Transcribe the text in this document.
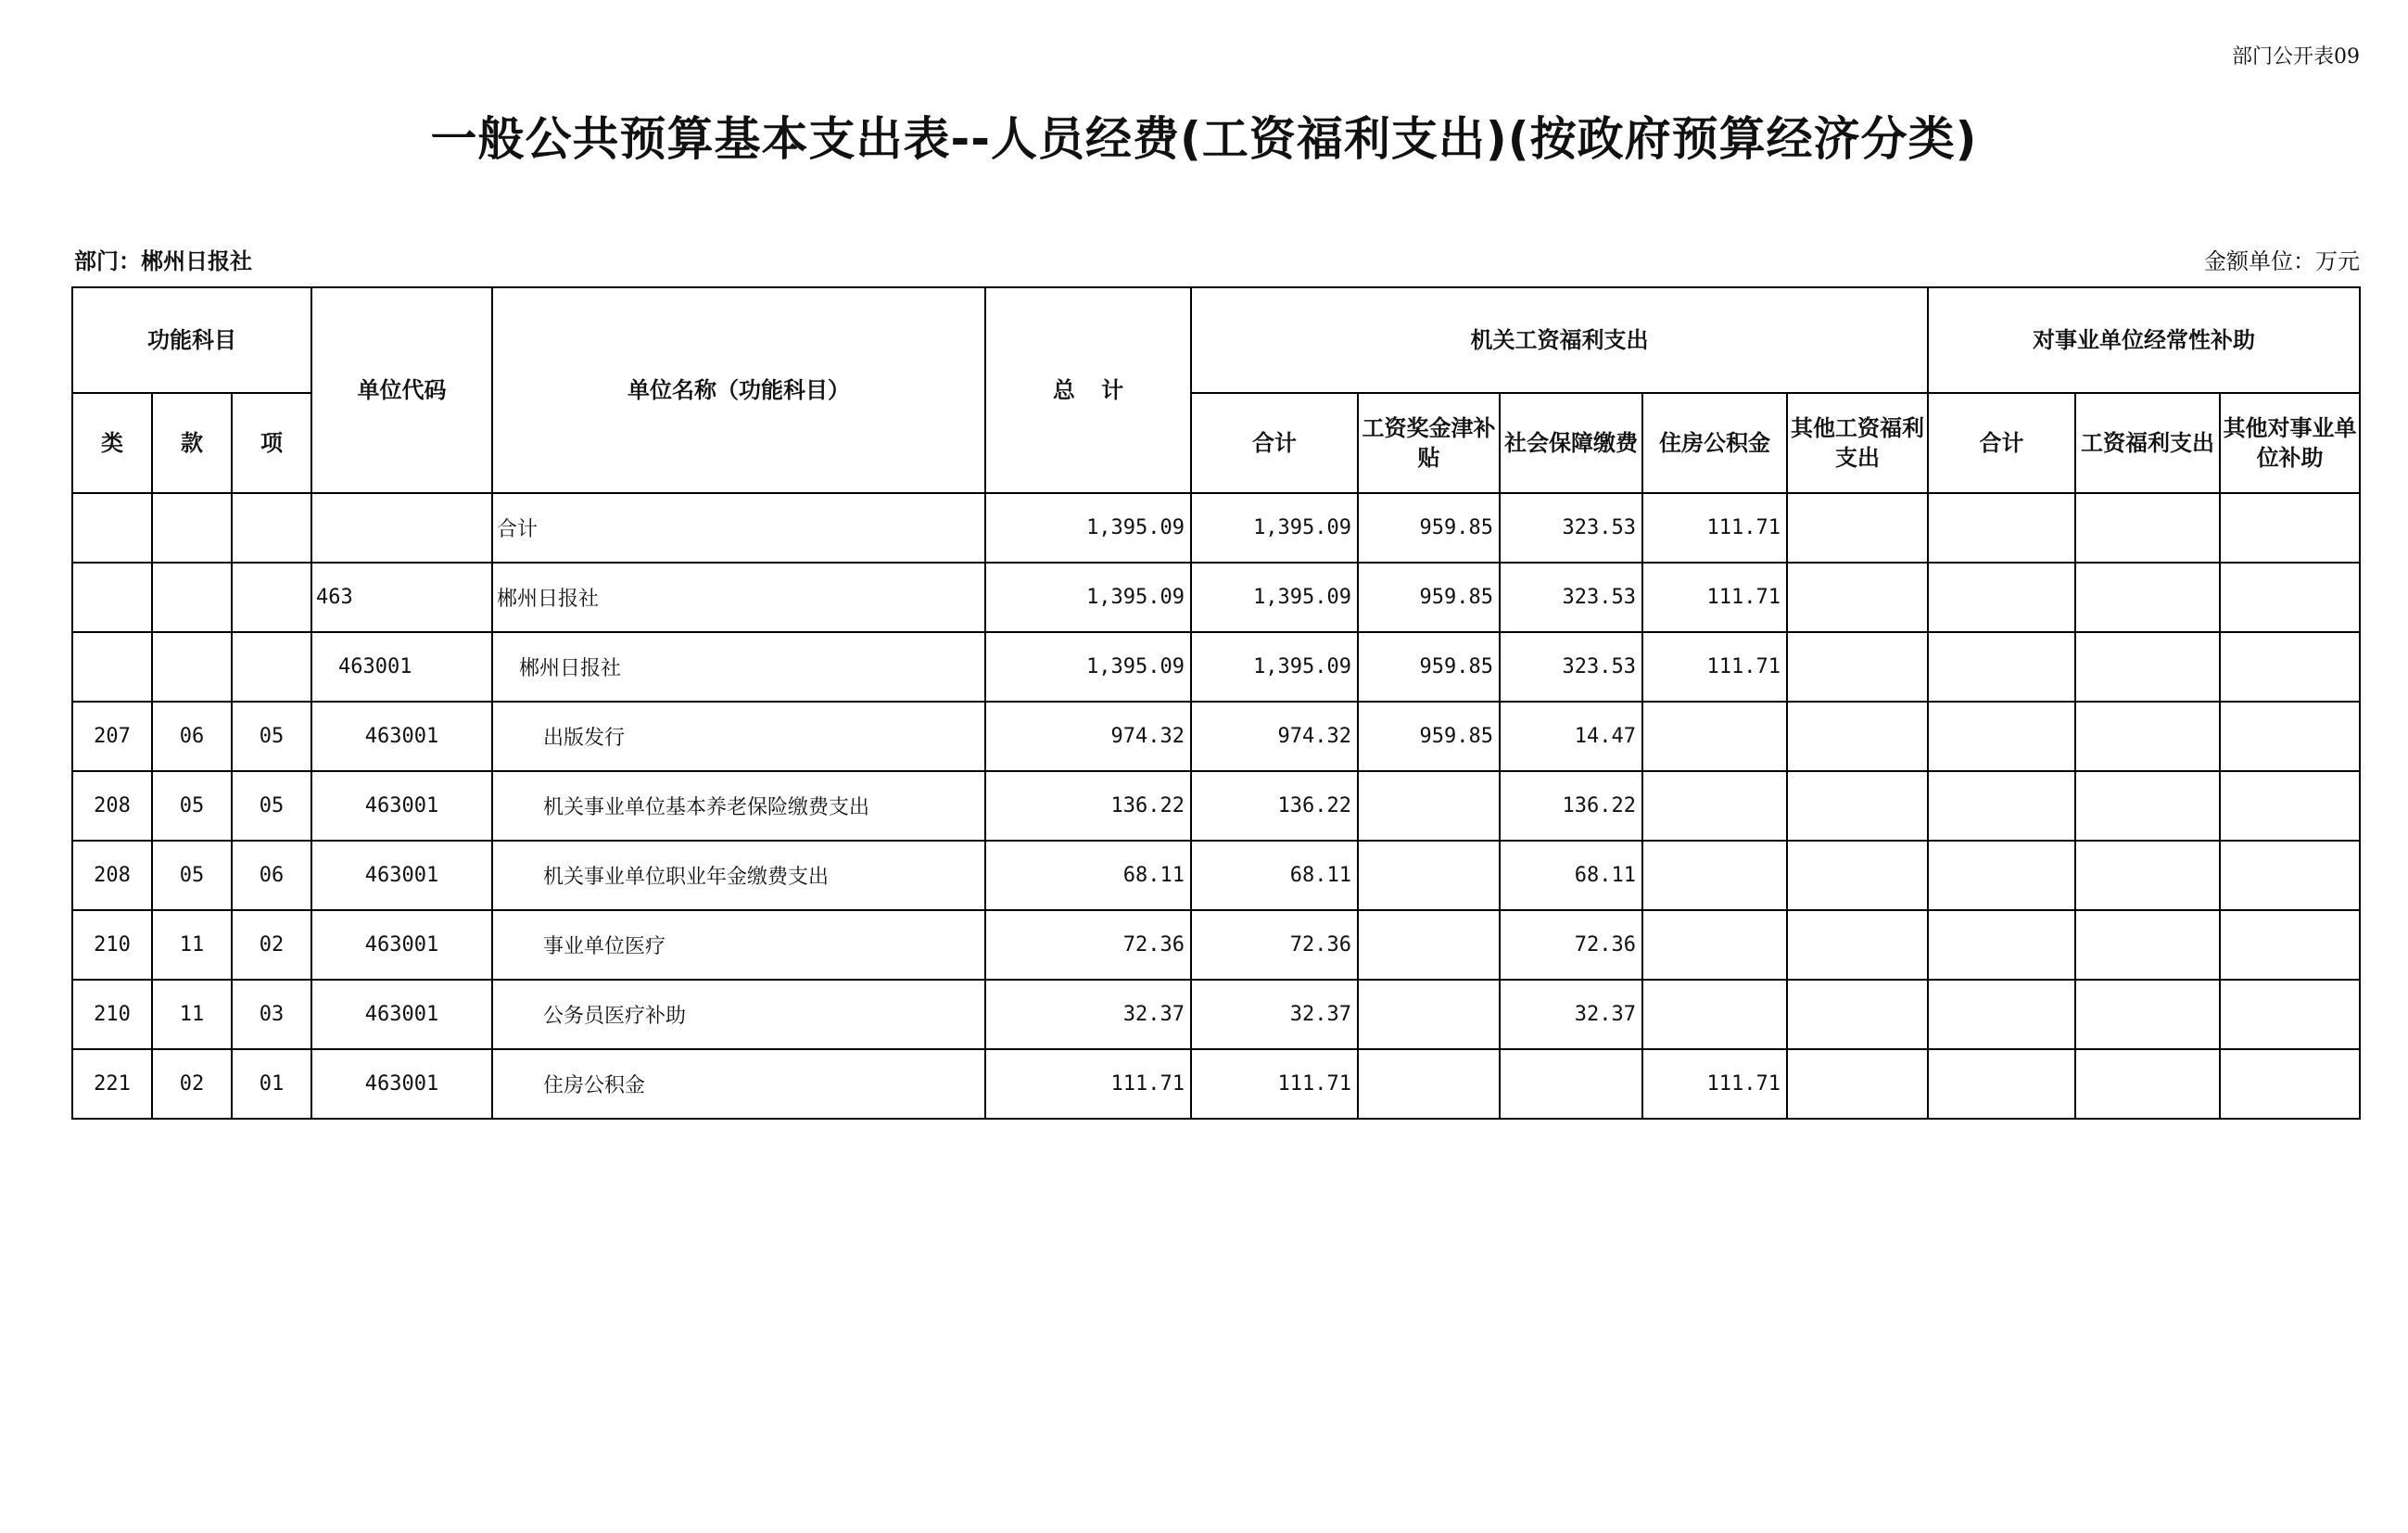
部门公开表09
一般公共预算基本支出表--人员经费(工资福利支出)(按政府预算经济分类)
部门：郴州日报社	金额单位：万元
功能科目			单位代码	单位名称（功能科目）	总 计	机关工资福利支出					对事业单位经常性补助		
类	款	项				合计	工资奖金津补贴	社会保障缴费	住房公积金	其他工资福利支出	合计	工资福利支出	其他对事业单位补助
				合计	1,395.09	1,395.09	959.85	323.53	111.71				
			463	郴州日报社	1,395.09	1,395.09	959.85	323.53	111.71				
			463001	郴州日报社	1,395.09	1,395.09	959.85	323.53	111.71				
207	06	05	463001	出版发行	974.32	974.32	959.85	14.47					
208	05	05	463001	机关事业单位基本养老保险缴费支出	136.22	136.22		136.22					
208	05	06	463001	机关事业单位职业年金缴费支出	68.11	68.11		68.11					
210	11	02	463001	事业单位医疗	72.36	72.36		72.36					
210	11	03	463001	公务员医疗补助	32.37	32.37		32.37					
221	02	01	463001	住房公积金	111.71	111.71			111.71				
